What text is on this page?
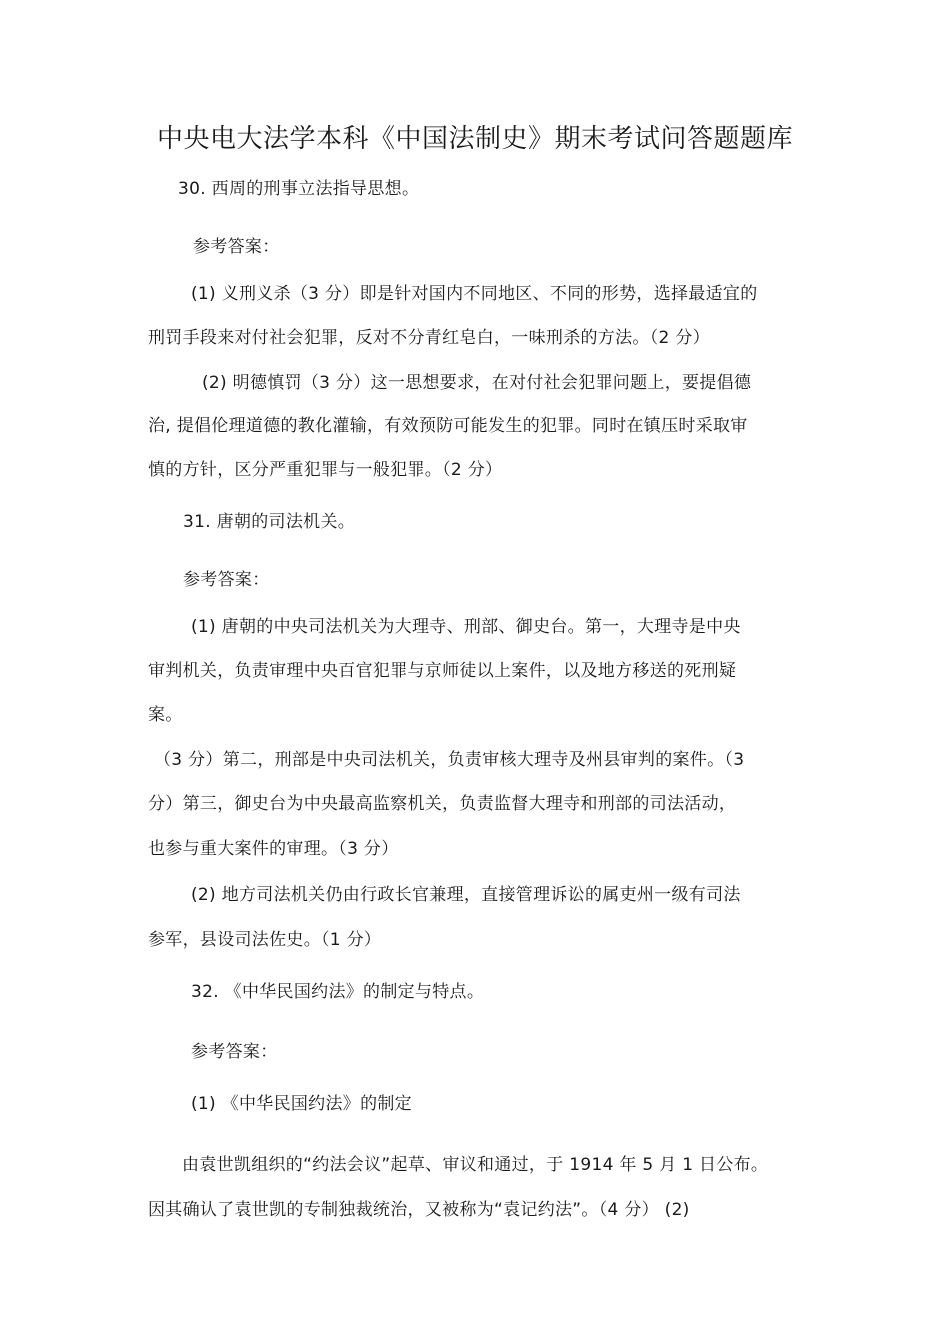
中央电大法学本科《中国法制史》期末考试问答题题库
30. 西周的刑事立法指导思想。
参考答案：
(1) 义刑义杀（3 分）即是针对国内不同地区、不同的形势，选择最适宜的
刑罚手段来对付社会犯罪，反对不分青红皂白，一味刑杀的方法。（2 分）
(2) 明德慎罚（3 分）这一思想要求，在对付社会犯罪问题上，要提倡德
治, 提倡伦理道德的教化灌输，有效预防可能发生的犯罪。同时在镇压时采取审
慎的方针，区分严重犯罪与一般犯罪。（2 分）
31. 唐朝的司法机关。
参考答案：
(1) 唐朝的中央司法机关为大理寺、刑部、御史台。第一，大理寺是中央
审判机关，负责审理中央百官犯罪与京师徒以上案件，以及地方移送的死刑疑
案。
（3 分）第二，刑部是中央司法机关，负责审核大理寺及州县审判的案件。（3
分）第三，御史台为中央最高监察机关，负责监督大理寺和刑部的司法活动，
也参与重大案件的审理。（3 分）
(2) 地方司法机关仍由行政长官兼理，直接管理诉讼的属吏州一级有司法
参军，县设司法佐史。（1 分）
32. 《中华民国约法》的制定与特点。
参考答案：
(1) 《中华民国约法》的制定
由袁世凯组织的“约法会议”起草、审议和通过，于 1914 年 5 月 1 日公布。
因其确认了袁世凯的专制独裁统治，又被称为“袁记约法”。（4 分） (2)
